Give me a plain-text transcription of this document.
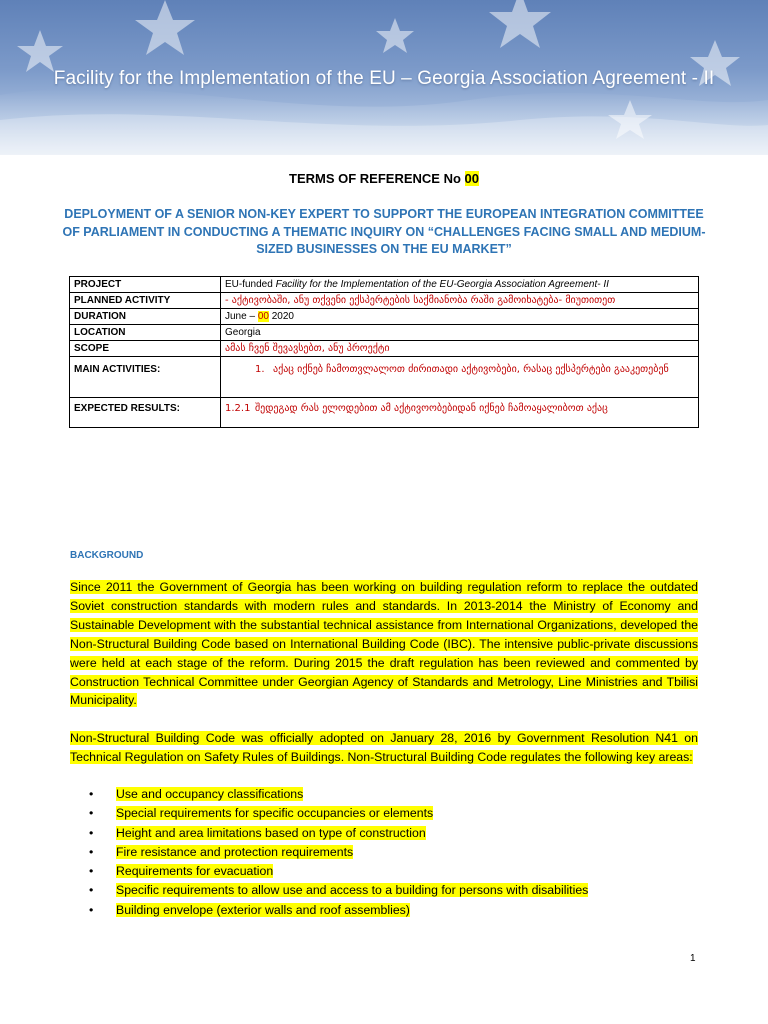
Facility for the Implementation of the EU – Georgia Association Agreement - II
TERMS OF REFERENCE No 00
DEPLOYMENT OF A SENIOR NON-KEY EXPERT TO SUPPORT THE EUROPEAN INTEGRATION COMMITTEE OF PARLIAMENT IN CONDUCTING A THEMATIC INQUIRY ON “CHALLENGES FACING SMALL AND MEDIUM-SIZED BUSINESSES ON THE EU MARKET”
PROJECT	EU-funded Facility for the Implementation of the EU-Georgia Association Agreement- II
PLANNED ACTIVITY	- აქტივობაში, ანუ თქვენი ექსპერტების საქმიანობა რაში გამოიხატება- მიუთითეთ
DURATION	June – 00 2020
LOCATION	Georgia
SCOPE	ამას ჩვენ შევავსებთ, ანუ პროექტი
MAIN ACTIVITIES:	1. აქაც იქნებ ჩამოთვლალოთ ძირითადი აქტივობები, რასაც ექსპერტები გააკეთებენ

EXPECTED RESULTS:	1.2.1 შედეგად რას ელოდებით ამ აქტივოობებიდან იქნებ ჩამოაყალიბოთ აქაც
BACKGROUND
Since 2011 the Government of Georgia has been working on building regulation reform to replace the outdated Soviet construction standards with modern rules and standards. In 2013-2014 the Ministry of Economy and Sustainable Development with the substantial technical assistance from International Organizations, developed the Non-Structural Building Code based on International Building Code (IBC). The intensive public-private discussions were held at each stage of the reform. During 2015 the draft regulation has been reviewed and commented by Construction Technical Committee under Georgian Agency of Standards and Metrology, Line Ministries and Tbilisi Municipality.
Non-Structural Building Code was officially adopted on January 28, 2016 by Government Resolution N41 on Technical Regulation on Safety Rules of Buildings. Non-Structural Building Code regulates the following key areas:
• Use and occupancy classifications
• Special requirements for specific occupancies or elements
• Height and area limitations based on type of construction
• Fire resistance and protection requirements
• Requirements for evacuation
• Specific requirements to allow use and access to a building for persons with disabilities
• Building envelope (exterior walls and roof assemblies)
1
